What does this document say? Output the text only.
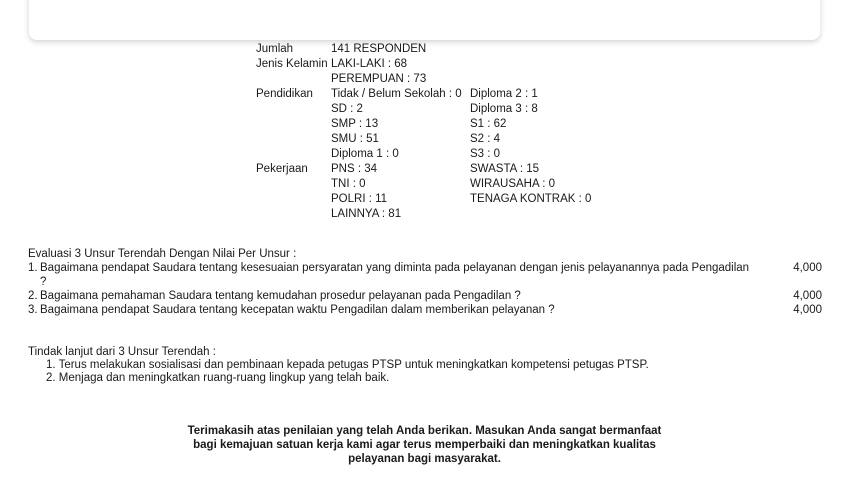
Jumlah	141 RESPONDEN
Jenis Kelamin LAKI-LAKI : 68
PEREMPUAN : 73
Pendidikan	Tidak / Belum Sekolah : 0 Diploma 2 : 1
SD : 2	Diploma 3 : 8
SMP : 13	S1 : 62
SMU : 51	S2 : 4
Diploma 1 : 0	S3 : 0
Pekerjaan	PNS : 34	SWASTA : 15
TNI : 0	WIRAUSAHA : 0
POLRI : 11	TENAGA KONTRAK : 0
LAINNYA : 81
Evaluasi 3 Unsur Terendah Dengan Nilai Per Unsur :
1. Bagaimana pendapat Saudara tentang kesesuaian persyaratan yang diminta pada pelayanan dengan jenis pelayanannya pada Pengadilan	4,000
?
2. Bagaimana pemahaman Saudara tentang kemudahan prosedur pelayanan pada Pengadilan ?	4,000
3. Bagaimana pendapat Saudara tentang kecepatan waktu Pengadilan dalam memberikan pelayanan ?	4,000
Tindak lanjut dari 3 Unsur Terendah :
1. Terus melakukan sosialisasi dan pembinaan kepada petugas PTSP untuk meningkatkan kompetensi petugas PTSP.
2. Menjaga dan meningkatkan ruang-ruang lingkup yang telah baik.
Terimakasih atas penilaian yang telah Anda berikan. Masukan Anda sangat bermanfaat bagi kemajuan satuan kerja kami agar terus memperbaiki dan meningkatkan kualitas pelayanan bagi masyarakat.
